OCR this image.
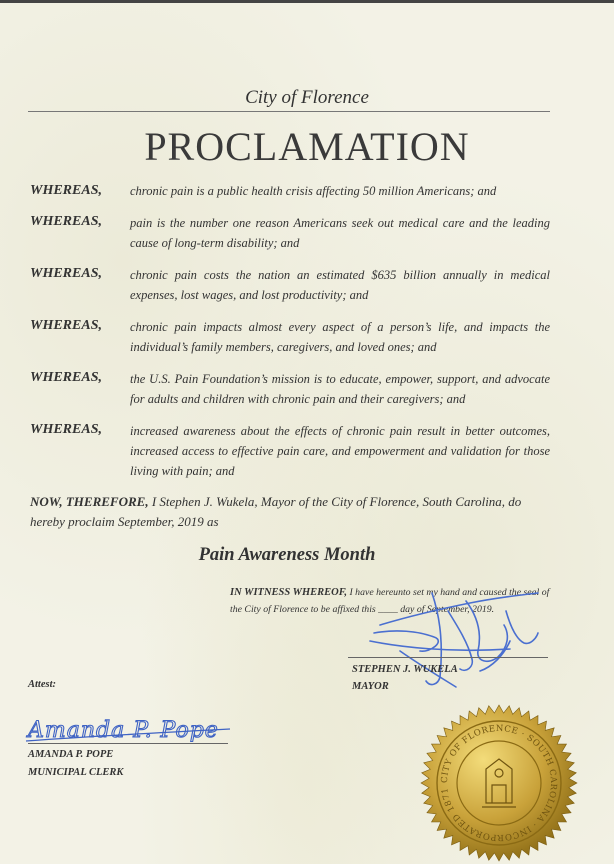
City of Florence

PROCLAMATION

WHEREAS, chronic pain is a public health crisis affecting 50 million Americans; and

WHEREAS, pain is the number one reason Americans seek out medical care and the leading cause of long-term disability; and

WHEREAS, chronic pain costs the nation an estimated $635 billion annually in medical expenses, lost wages, and lost productivity; and

WHEREAS, chronic pain impacts almost every aspect of a person’s life, and impacts the individual’s family members, caregivers, and loved ones; and

WHEREAS, the U.S. Pain Foundation’s mission is to educate, empower, support, and advocate for adults and children with chronic pain and their caregivers; and

WHEREAS, increased awareness about the effects of chronic pain result in better outcomes, increased access to effective pain care, and empowerment and validation for those living with pain; and

NOW, THEREFORE, I Stephen J. Wukela, Mayor of the City of Florence, South Carolina, do hereby proclaim September, 2019 as

Pain Awareness Month

IN WITNESS WHEREOF, I have hereunto set my hand and caused the seal of the City of Florence to be affixed this ____ day of September, 2019.

STEPHEN J. WUKELA
MAYOR

Attest:

Amanda P. Pope

AMANDA P. POPE
MUNICIPAL CLERK

CITY OF FLORENCE · SOUTH CAROLINA · INCORPORATED 1871
